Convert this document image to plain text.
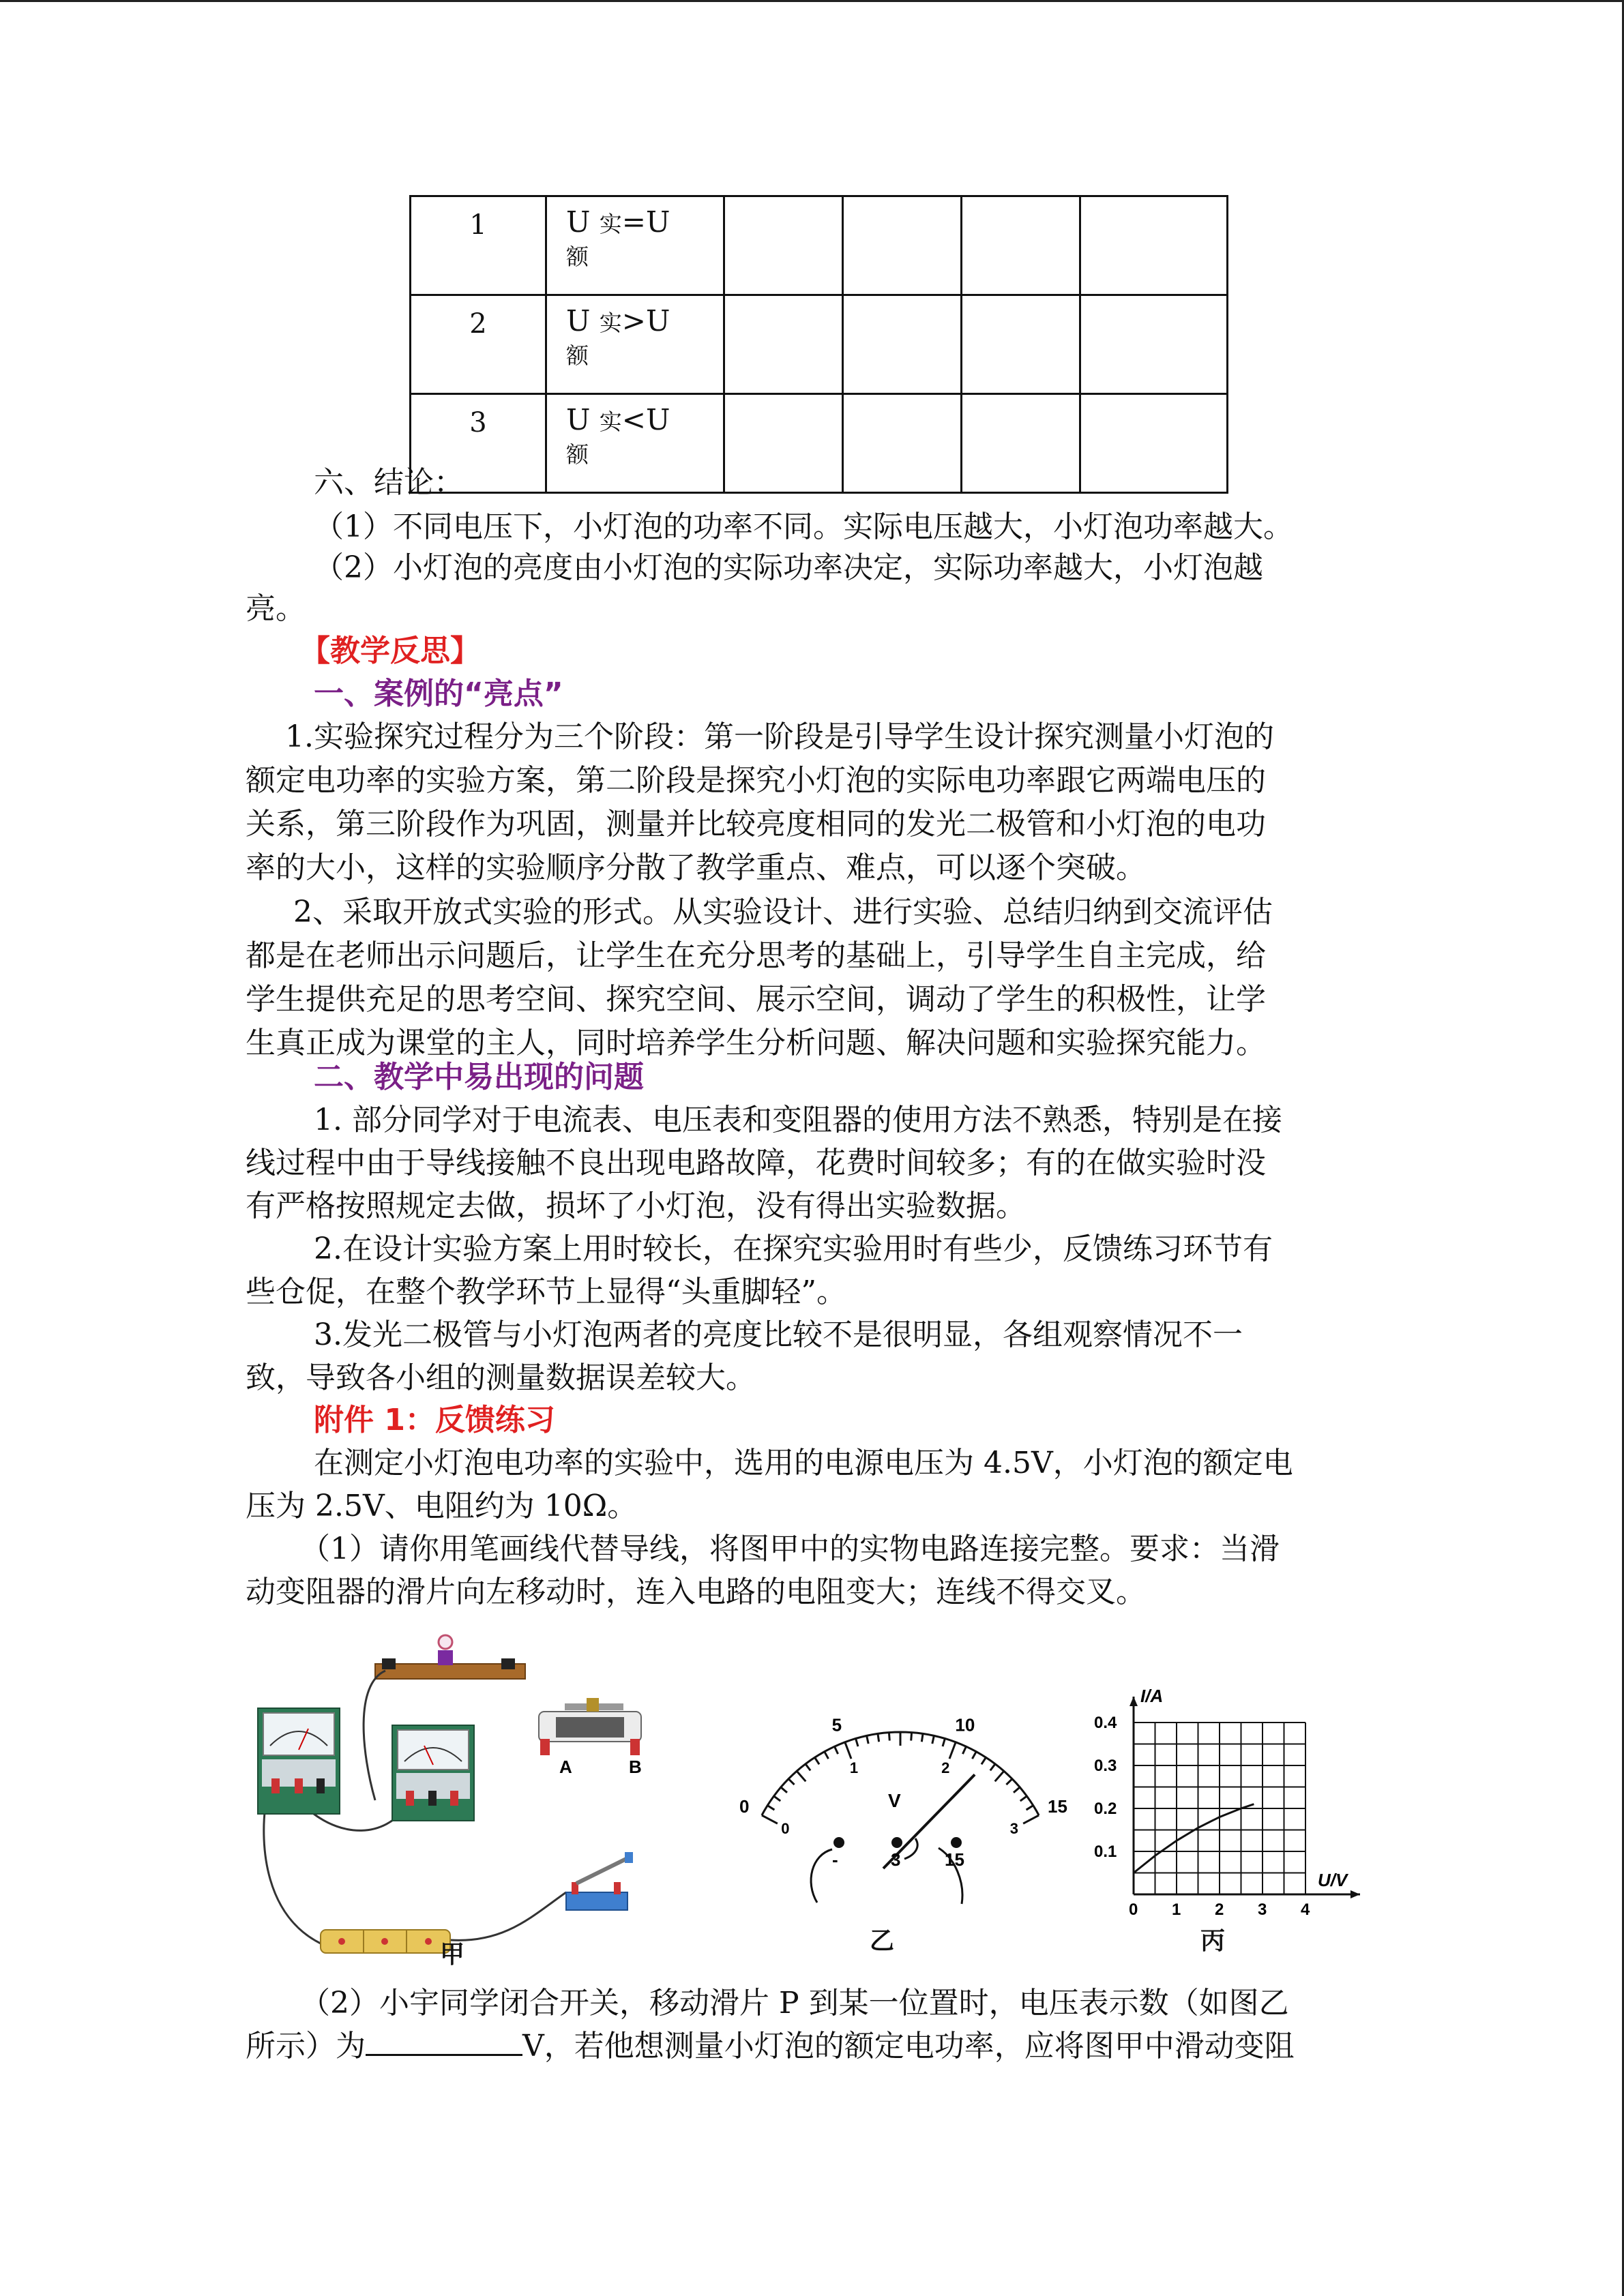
1	U 实=U
额				

2	U 实>U
额				

3	U 实<U
额				

六、结论：
（1）不同电压下，小灯泡的功率不同。实际电压越大，小灯泡功率越大。
（2）小灯泡的亮度由小灯泡的实际功率决定，实际功率越大，小灯泡越
亮。
【教学反思】
一、案例的“亮点”
1.实验探究过程分为三个阶段：第一阶段是引导学生设计探究测量小灯泡的
额定电功率的实验方案，第二阶段是探究小灯泡的实际电功率跟它两端电压的
关系，第三阶段作为巩固，测量并比较亮度相同的发光二极管和小灯泡的电功
率的大小，这样的实验顺序分散了教学重点、难点，可以逐个突破。
2、采取开放式实验的形式。从实验设计、进行实验、总结归纳到交流评估
都是在老师出示问题后，让学生在充分思考的基础上，引导学生自主完成，给
学生提供充足的思考空间、探究空间、展示空间，调动了学生的积极性，让学
生真正成为课堂的主人，同时培养学生分析问题、解决问题和实验探究能力。
二、教学中易出现的问题
1. 部分同学对于电流表、电压表和变阻器的使用方法不熟悉，特别是在接
线过程中由于导线接触不良出现电路故障，花费时间较多；有的在做实验时没
有严格按照规定去做，损坏了小灯泡，没有得出实验数据。
2.在设计实验方案上用时较长，在探究实验用时有些少，反馈练习环节有
些仓促，在整个教学环节上显得“头重脚轻”。
3.发光二极管与小灯泡两者的亮度比较不是很明显，各组观察情况不一
致，导致各小组的测量数据误差较大。
附件 1：反馈练习
在测定小灯泡电功率的实验中，选用的电源电压为 4.5V，小灯泡的额定电
压为 2.5V、电阻约为 10Ω。
（1）请你用笔画线代替导线，将图甲中的实物电路连接完整。要求：当滑
动变阻器的滑片向左移动时，连入电路的电阻变大；连线不得交叉。
A	B
甲
0
5	10
15
0
1	2
3
V
-	3 15
乙
0 1 2 3 4
0.1
0.2
0.3
0.4
U/V
I/A
丙
（2）小宇同学闭合开关，移动滑片 P 到某一位置时，电压表示数（如图乙
所示）为	V，若他想测量小灯泡的额定电功率，应将图甲中滑动变阻
